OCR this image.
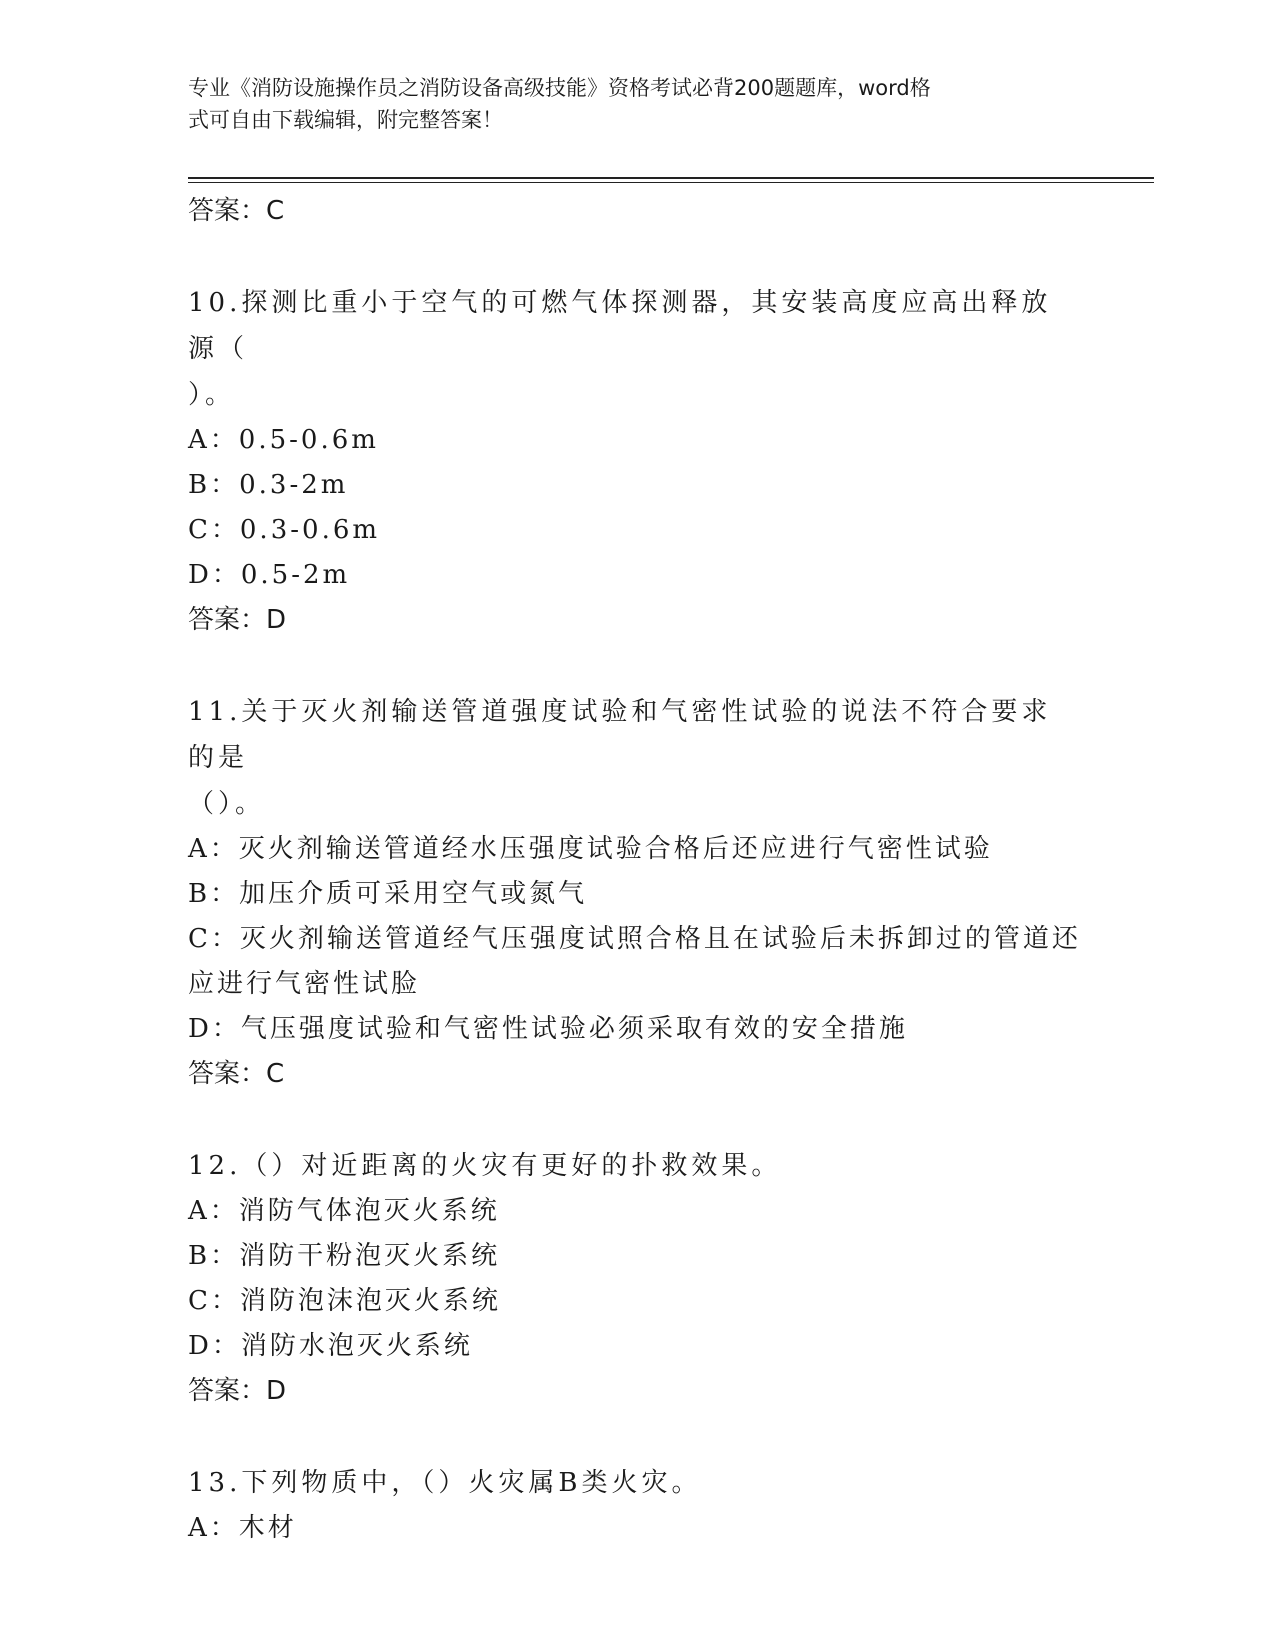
专业《消防设施操作员之消防设备高级技能》资格考试必背200题题库，word格
式可自由下载编辑，附完整答案！

答案：C

10.探测比重小于空气的可燃气体探测器，其安装高度应高出释放源（

）。

A：0.5-0.6m

B：0.3-2m

C：0.3-0.6m

D：0.5-2m

答案：D

11.关于灭火剂输送管道强度试验和气密性试验的说法不符合要求的是

（）。

A：灭火剂输送管道经水压强度试验合格后还应进行气密性试验

B：加压介质可采用空气或氮气

C：灭火剂输送管道经气压强度试照合格且在试验后未拆卸过的管道还

应进行气密性试脸

D：气压强度试验和气密性试验必须采取有效的安全措施

答案：C

12.（）对近距离的火灾有更好的扑救效果。

A：消防气体泡灭火系统

B：消防干粉泡灭火系统

C：消防泡沫泡灭火系统

D：消防水泡灭火系统

答案：D

13.下列物质中，（）火灾属B类火灾。

A：木材
